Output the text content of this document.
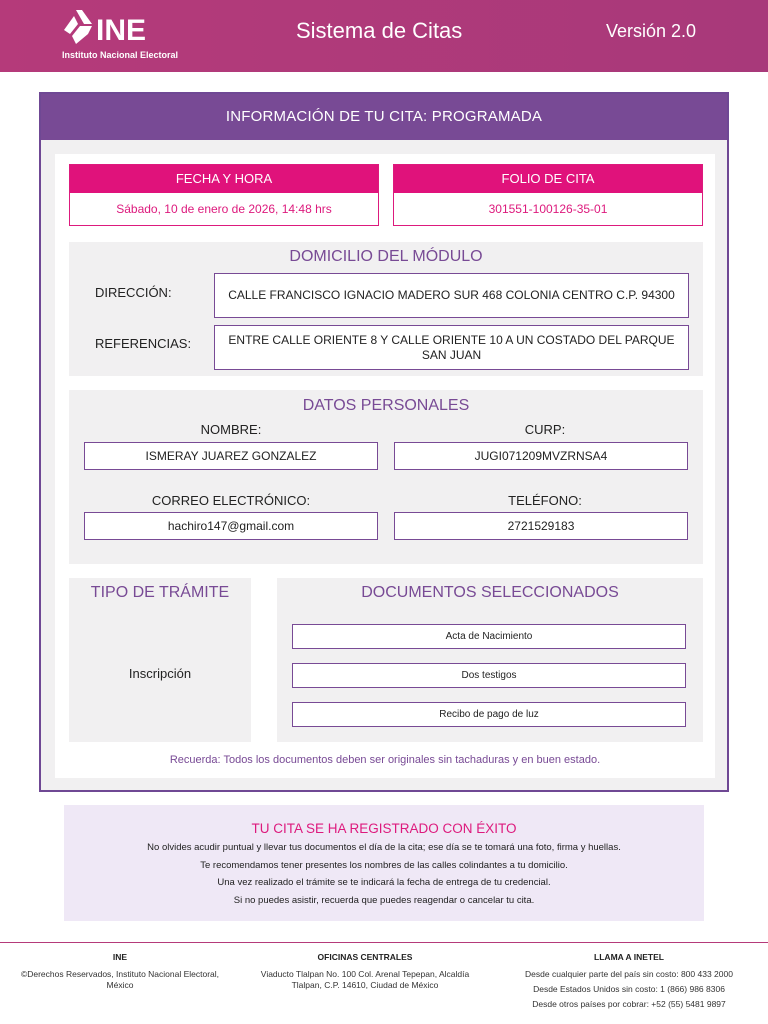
INE
Instituto Nacional Electoral
Sistema de Citas	Versión 2.0
INFORMACIÓN DE TU CITA: PROGRAMADA
FECHA Y HORA
Sábado, 10 de enero de 2026, 14:48 hrs
FOLIO DE CITA
301551-100126-35-01
DOMICILIO DEL MÓDULO
DIRECCIÓN:	CALLE FRANCISCO IGNACIO MADERO SUR 468 COLONIA CENTRO C.P. 94300
REFERENCIAS:	ENTRE CALLE ORIENTE 8 Y CALLE ORIENTE 10 A UN COSTADO DEL PARQUE SAN JUAN
DATOS PERSONALES
NOMBRE:
ISMERAY JUAREZ GONZALEZ
CURP:
JUGI071209MVZRNSA4
CORREO ELECTRÓNICO:
hachiro147@gmail.com
TELÉFONO:
2721529183
TIPO DE TRÁMITE
Inscripción
DOCUMENTOS SELECCIONADOS
Acta de Nacimiento
Dos testigos
Recibo de pago de luz
Recuerda: Todos los documentos deben ser originales sin tachaduras y en buen estado.
TU CITA SE HA REGISTRADO CON ÉXITO
No olvides acudir puntual y llevar tus documentos el día de la cita; ese día se te tomará una foto, firma y huellas.
Te recomendamos tener presentes los nombres de las calles colindantes a tu domicilio.
Una vez realizado el trámite se te indicará la fecha de entrega de tu credencial.
Si no puedes asistir, recuerda que puedes reagendar o cancelar tu cita.
INE
©Derechos Reservados, Instituto Nacional Electoral, México
OFICINAS CENTRALES
Viaducto Tlalpan No. 100 Col. Arenal Tepepan, Alcaldía Tlalpan, C.P. 14610, Ciudad de México
LLAMA A INETEL
Desde cualquier parte del país sin costo: 800 433 2000
Desde Estados Unidos sin costo: 1 (866) 986 8306
Desde otros países por cobrar: +52 (55) 5481 9897
